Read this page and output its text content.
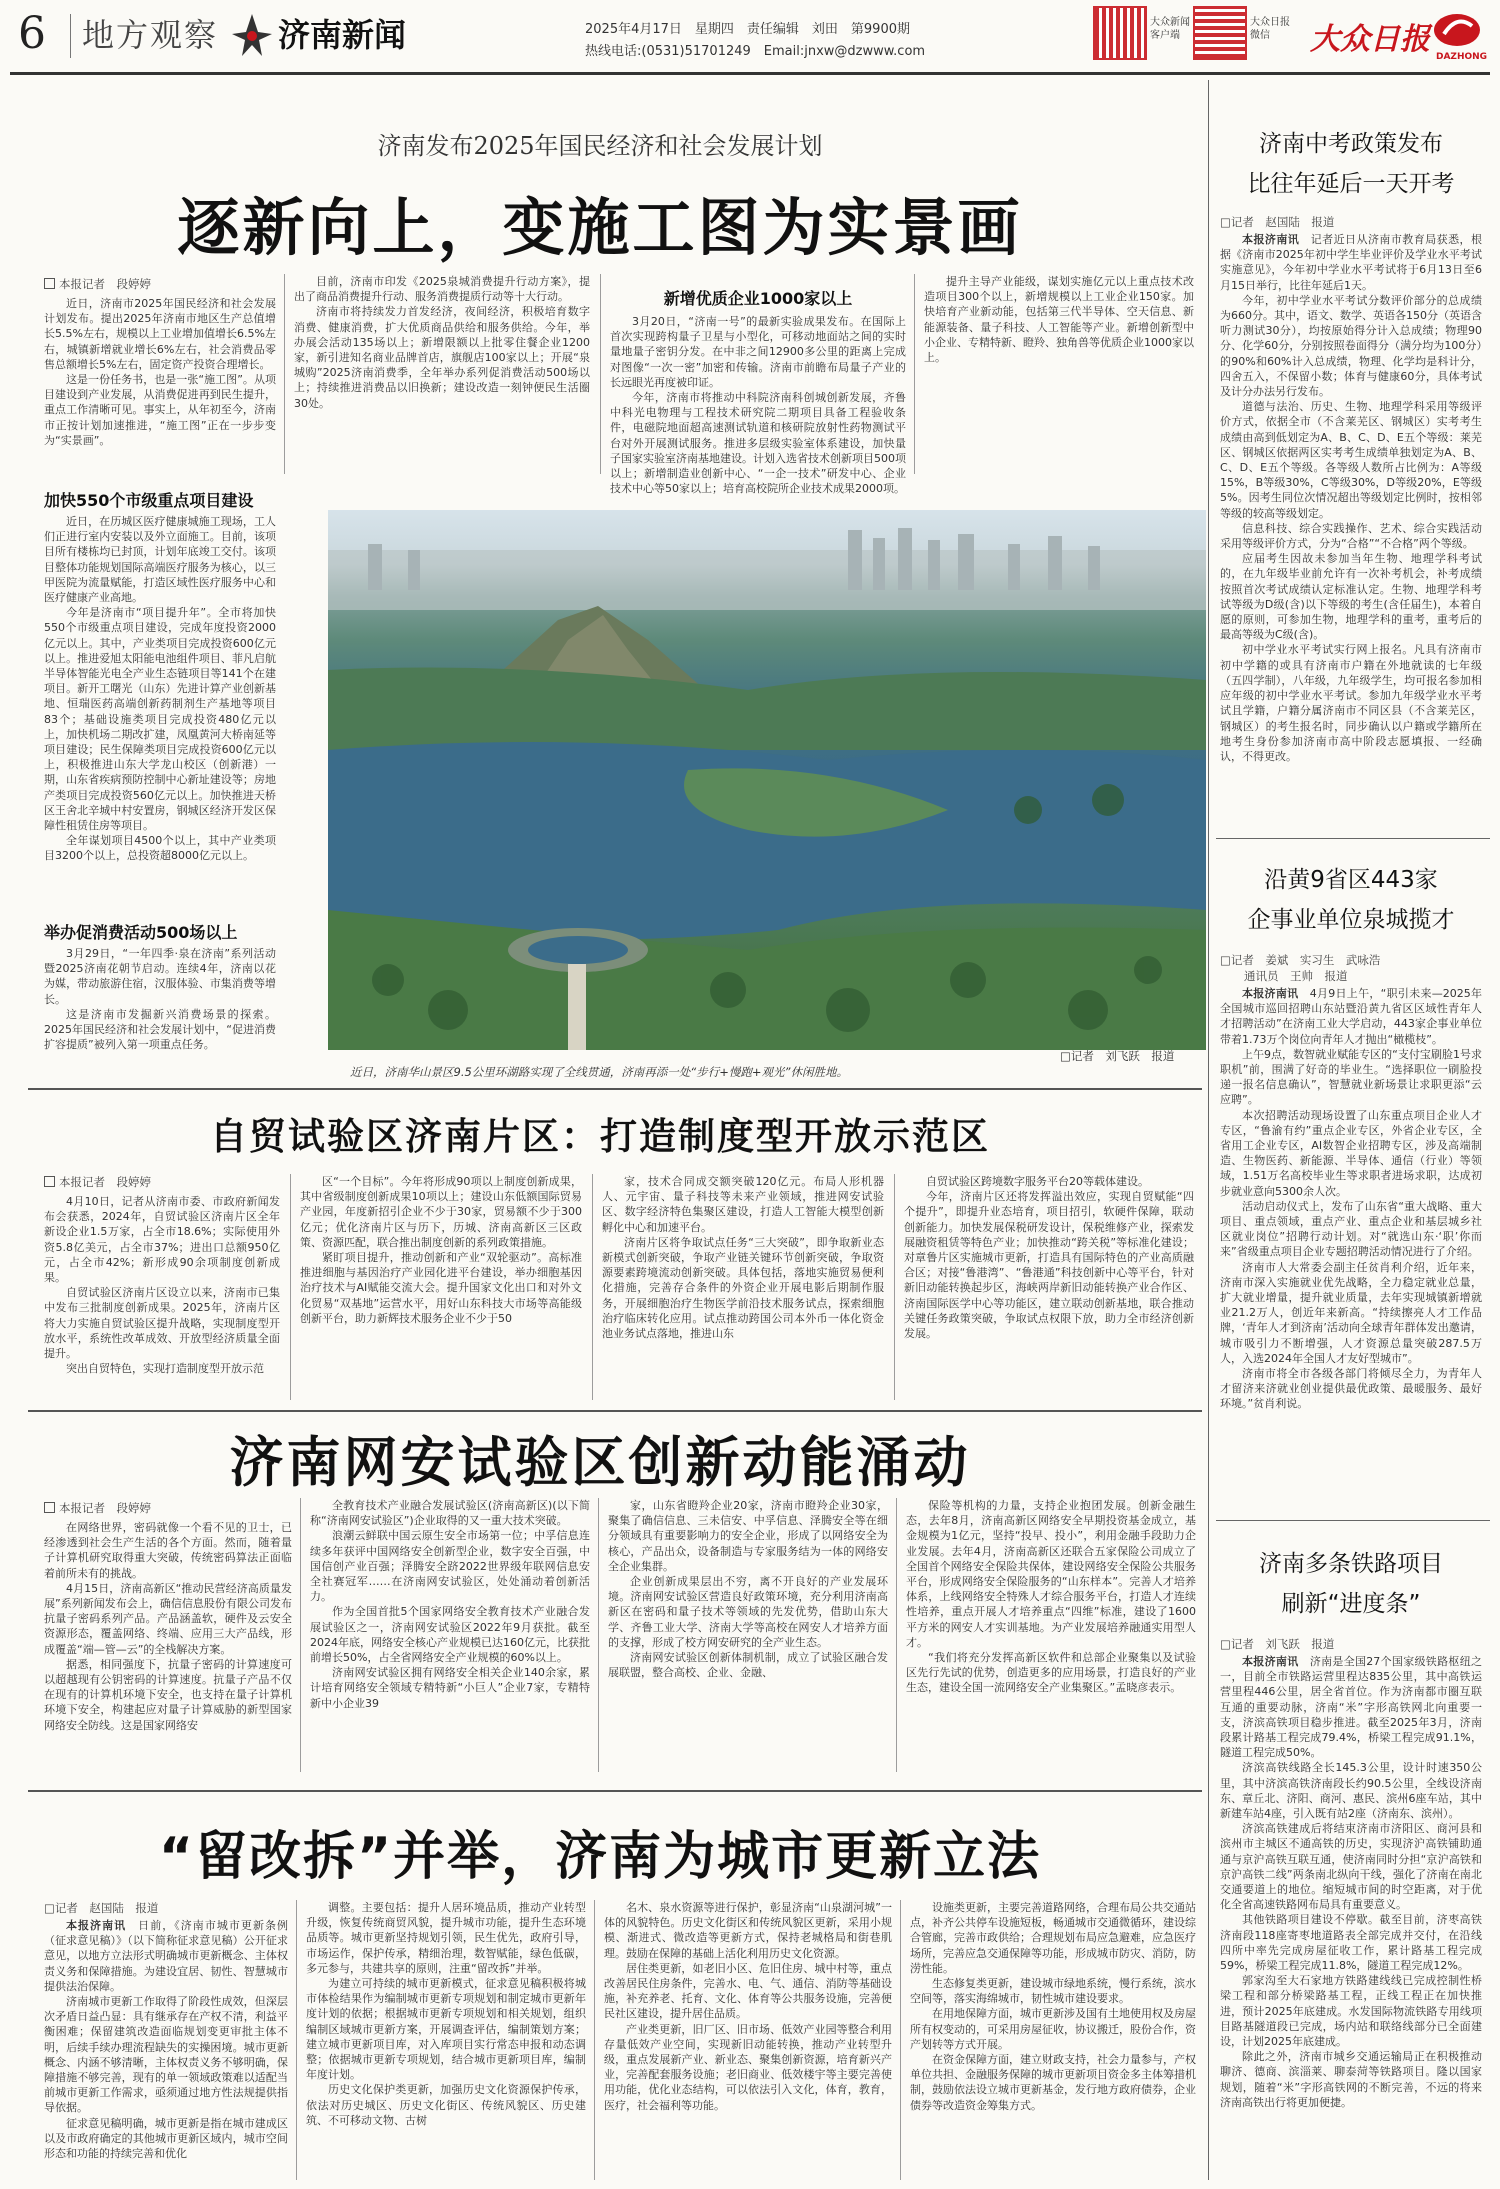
6 地方观察 济南新闻	2025年4月17日　星期四　责任编辑　刘田　第9900期
热线电话:(0531)51701249　Email:jnxw@dzwww.com
大众新闻客户端
大众日报微信	大众日报 DAZHONG
济南发布2025年国民经济和社会发展计划
逐新向上，变施工图为实景画
本报记者　段婷婷

近日，济南市2025年国民经济和社会发展计划发布。提出2025年济南市地区生产总值增长5.5%左右，规模以上工业增加值增长6.5%左右，城镇新增就业增长6%左右，社会消费品零售总额增长5%左右，固定资产投资合理增长。

这是一份任务书，也是一张“施工图”。从项目建设到产业发展，从消费促进再到民生提升，重点工作清晰可见。事实上，从年初至今，济南市正按计划加速推进，“施工图”正在一步步变为“实景画”。

加快550个市级重点项目建设

近日，在历城区医疗健康城施工现场，工人们正进行室内安装以及外立面施工。目前，该项目所有楼栋均已封顶，计划年底竣工交付。该项目整体功能规划国际高端医疗服务为核心，以三甲医院为流量赋能，打造区域性医疗服务中心和医疗健康产业高地。

今年是济南市“项目提升年”。全市将加快550个市级重点项目建设，完成年度投资2000亿元以上。其中，产业类项目完成投资600亿元以上。推进爱旭太阳能电池组件项目、菲凡启航半导体智能光电全产业生态链项目等141个在建项目。新开工曙光（山东）先进计算产业创新基地、恒瑞医药高端创新药制剂生产基地等项目83个；基础设施类项目完成投资480亿元以上，加快机场二期改扩建，凤凰黄河大桥南延等项目建设；民生保障类项目完成投资600亿元以上，积极推进山东大学龙山校区（创新港）一期，山东省疾病预防控制中心新址建设等；房地产类项目完成投资560亿元以上。加快推进天桥区王舍北辛城中村安置房，钢城区经济开发区保障性租赁住房等项目。

全年谋划项目4500个以上，其中产业类项目3200个以上，总投资超8000亿元以上。

举办促消费活动500场以上

3月29日，“一年四季·泉在济南”系列活动暨2025济南花朝节启动。连续4年，济南以花为媒，带动旅游住宿，汉服体验、市集消费等增长。

这是济南市发掘新兴消费场景的探索。2025年国民经济和社会发展计划中，“促进消费扩容提质”被列入第一项重点任务。

目前，济南市印发《2025泉城消费提升行动方案》，提出了商品消费提升行动、服务消费提质行动等十大行动。

济南市将持续发力首发经济，夜间经济，积极培育数字消费、健康消费，扩大优质商品供给和服务供给。今年，举办展会活动135场以上；新增限额以上批零住餐企业1200家，新引进知名商业品牌首店，旗舰店100家以上；开展“泉城购”2025济南消费季，全年举办系列促消费活动500场以上；持续推进消费品以旧换新；建设改造一刻钟便民生活圈30处。

新增优质企业1000家以上

3月20日，“济南一号”的最新实验成果发布。在国际上首次实现跨构量子卫星与小型化，可移动地面站之间的实时量地量子密钥分发。在中非之间12900多公里的距离上完成对图像“一次一密”加密和传输。济南市前瞻布局量子产业的长远眼光再度被印证。

今年，济南市将推动中科院济南科创城创新发展，齐鲁中科光电物理与工程技术研究院二期项目具备工程验收条件，电磁院地面超高速测试轨道和核研院放射性药物测试平台对外开展测试服务。推进多层级实验室体系建设，加快量子国家实验室济南基地建设。计划入选省技术创新项目500项以上；新增制造业创新中心、“一企一技术”研发中心、企业技术中心等50家以上；培育高校院所企业技术成果2000项。

提升主导产业能级，谋划实施亿元以上重点技术改造项目300个以上，新增规模以上工业企业150家。加快培育产业新动能，包括第三代半导体、空天信息、新能源装备、量子科技、人工智能等产业。新增创新型中小企业、专精特新、瞪羚、独角兽等优质企业1000家以上。

近日，济南华山景区9.5公里环湖路实现了全线贯通，济南再添一处“步行+慢跑+观光”休闲胜地。
□记者　刘飞跃　报道
自贸试验区济南片区：打造制度型开放示范区
本报记者　段婷婷

4月10日，记者从济南市委、市政府新闻发布会获悉，2024年，自贸试验区济南片区全年新设企业1.5万家，占全市18.6%；实际使用外资5.8亿美元，占全市37%；进出口总额950亿元，占全市42%；新形成90余项制度创新成果。

自贸试验区济南片区设立以来，济南市已集中发布三批制度创新成果。2025年，济南片区将大力实施自贸试验区提升战略，实现制度型开放水平，系统性改革成效、开放型经济质量全面提升。

突出自贸特色，实现打造制度型开放示范

区“一个目标”。今年将形成90项以上制度创新成果，其中省级制度创新成果10项以上；建设山东低额国际贸易产业园，年度新招引企业不少于30家，贸易额不少于300亿元；优化济南片区与历下，历城、济南高新区三区政策、资源匹配，联合推出制度创新的系列政策措施。

紧盯项目提升，推动创新和产业“双轮驱动”。高标准推进细胞与基因治疗产业园化进平台建设，举办细胞基因治疗技术与AI赋能交流大会。提升国家文化出口和对外文化贸易“双基地”运营水平，用好山东科技大市场等高能级创新平台，助力新辉技术服务企业不少于50

家，技术合同成交额突破120亿元。布局人形机器人、元宇宙、量子科技等未来产业领域，推进网安试验区、数字经济特色集聚区建设，打造人工智能大模型创新孵化中心和加速平台。

济南片区将争取试点任务“三大突破”，即争取新业态新模式创新突破，争取产业链关键环节创新突破，争取资源要素跨境流动创新突破。具体包括，落地实施贸易便利化措施，完善存合条件的外资企业开展电影后期制作服务，开展细胞治疗生物医学前沿技术服务试点，探索细胞治疗临床转化应用。试点推动跨国公司本外币一体化资金池业务试点落地，推进山东

自贸试验区跨境数字服务平台20等载体建设。

今年，济南片区还将发挥溢出效应，实现自贸赋能“四个提升”，即提升业态培育，项目招引，软硬件保障，联动创新能力。加快发展保税研发设计，保税维修产业，探索发展融资租赁等特色产业；加快推动“跨关税”等标准化建设；对章鲁片区实施城市更新，打造具有国际特色的产业高质融合区；对接“鲁港湾”、“鲁港通”科技创新中心等平台，针对新旧动能转换起步区，海峡两岸新旧动能转换产业合作区、济南国际医学中心等功能区，建立联动创新基地，联合推动关键任务政策突破，争取试点权限下放，助力全市经济创新发展。

济南网安试验区创新动能涌动
本报记者　段婷婷

在网络世界，密码就像一个看不见的卫士，已经渗透到社会生产生活的各个方面。然而，随着量子计算机研究取得重大突破，传统密码算法正面临着前所未有的挑战。

4月15日，济南高新区“推动民营经济高质量发展”系列新闻发布会上，确信信息股份有限公司发布抗量子密码系列产品。产品涵盖软，硬件及云安全资源形态，覆盖网络、终端、应用三大产品线，形成覆盖“端—管—云”的全栈解决方案。

据悉，相同强度下，抗量子密码的计算速度可以超越现有公钥密码的计算速度。抗量子产品不仅在现有的计算机环境下安全，也支持在量子计算机环境下安全，构建起应对量子计算威胁的新型国家网络安全防线。这是国家网络安

全教育技术产业融合发展试验区(济南高新区)(以下简称“济南网安试验区”)企业取得的又一重大技术突破。

浪潮云鲜联中国云原生安全市场第一位；中孚信息连续多年获评中国网络安全创新型企业，数字安全百强，中国信创产业百强；泽腾安全跻2022世界级年联网信息安全社赛冠军……在济南网安试验区，处处涌动着创新活力。

作为全国首批5个国家网络安全教育技术产业融合发展试验区之一，济南网安试验区2022年9月获批。截至2024年底，网络安全核心产业规模已达160亿元，比获批前增长50%，占全省网络安全产业规模的60%以上。

济南网安试验区拥有网络安全相关企业140余家，累计培育网络安全领域专精特新“小巨人”企业7家，专精特新中小企业39

家，山东省瞪羚企业20家，济南市瞪羚企业30家，聚集了确信信息、三未信安、中孚信息、泽腾安全等在细分领域具有重要影响力的安全企业，形成了以网络安全为核心，产品出众，设备制造与专家服务结为一体的网络安全企业集群。

企业创新成果层出不穷，离不开良好的产业发展环境。济南网安试验区营造良好政策环境，充分利用济南高新区在密码和量子技术等领域的先发优势，借助山东大学、齐鲁工业大学、济南大学等高校在网安人才培养方面的支撑，形成了校方网安研究的全产业生态。

济南网安试验区创新体制机制，成立了试验区融合发展联盟，整合高校、企业、金融、

保险等机构的力量，支持企业抱团发展。创新金融生态，去年8月，济南高新区网络安全早期投资基金成立，基金规模为1亿元，坚持“投早、投小”，利用金融手段助力企业发展。去年4月，济南高新区还联合五家保险公司成立了全国首个网络安全保险共保体，建设网络安全保险公共服务平台，形成网络安全保险服务的“山东样本”。完善人才培养体系，上线网络安全特殊人才综合服务平台，打造人才连续性培养，重点开展人才培养重点“四维”标准，建设了1600平方米的网安人才实训基地。为产业发展培养融通实用型人才。

“我们将充分发挥高新区软件和总部企业聚集以及试验区先行先试的优势，创造更多的应用场景，打造良好的产业生态，建设全国一流网络安全产业集聚区。”孟晓彦表示。

“留改拆”并举，济南为城市更新立法
□记者　赵国陆　报道

本报济南讯　 日前，《济南市城市更新条例（征求意见稿）》（以下简称征求意见稿）公开征求意见，以地方立法形式明确城市更新概念、主体权责义务和保障措施。为建设宜居、韧性、智慧城市提供法治保障。

济南城市更新工作取得了阶段性成效，但深层次矛盾日益凸显：具有继承存在产权不清，利益平衡困难；保留建筑改造面临规划变更审批主体不明，后续手续办理流程缺失的实操困境。城市更新概念、内涵不够清晰，主体权责义务不够明确，保障措施不够完善，现有的单一领域政策难以适配当前城市更新工作需求，亟须通过地方性法规提供指导依据。

征求意见稿明确，城市更新是指在城市建成区以及市政府确定的其他城市更新区域内，城市空间形态和功能的持续完善和优化

调整。主要包括：提升人居环境品质，推动产业转型升级，恢复传统商贸风貌，提升城市功能，提升生态环境品质等。城市更新坚持规划引领，民生优先，政府引导，市场运作，保护传承，精细治理，数智赋能，绿色低碳，多元参与，共建共享的原则，注重“留改拆”并举。

为建立可持续的城市更新模式，征求意见稿积极将城市体检结果作为编制城市更新专项规划和制定城市更新年度计划的依据；根据城市更新专项规划和相关规划，组织编制区域城市更新方案，开展调查评估，编制策划方案；建立城市更新项目库，对入库项目实行常态申报和动态调整；依据城市更新专项规划，结合城市更新项目库，编制年度计划。

历史文化保护类更新，加强历史文化资源保护传承，依法对历史城区、历史文化街区、传统风貌区、历史建筑、不可移动文物、古树

名木、泉水资源等进行保护，彰显济南“山泉湖河城”一体的风貌特色。历史文化街区和传统风貌区更新，采用小规模、渐进式、微改造等更新方式，保持老城格局和街巷肌理。鼓励在保障的基础上活化利用历史文化资源。

居住类更新，如老旧小区、危旧住房、城中村等，重点改善居民住房条件，完善水、电、气、通信、消防等基础设施，补充养老、托育、文化、体育等公共服务设施，完善便民社区建设，提升居住品质。

产业类更新，旧厂区、旧市场、低效产业园等整合利用存量低效产业空间，实现新旧动能转换，推动产业转型升级，重点发展新产业、新业态、聚集创新资源，培育新兴产业，完善配套服务设施；老旧商业、低效楼宇等主要完善使用功能，优化业态结构，可以依法引入文化，体育，教育，医疗，社会福利等功能。

设施类更新，主要完善道路网络，合理布局公共交通站点，补齐公共停车设施短板，畅通城市交通微循环，建设综合管廊，完善市政供给；合理规划布局应急避难，应急医疗场所，完善应急交通保障等功能，形成城市防灾、消防，防涝性能。

生态修复类更新，建设城市绿地系统，慢行系统，滨水空间等，落实海绵城市，韧性城市建设要求。

在用地保障方面，城市更新涉及国有土地使用权及房屋所有权变动的，可采用房屋征收，协议搬迁，股份合作，资产划转等方式开展。

在资金保障方面，建立财政支持，社会力量参与，产权单位共担、金融服务保障的城市更新项目资金多主体筹措机制，鼓励依法设立城市更新基金，发行地方政府债券，企业债券等改造资金筹集方式。

济南中考政策发布
比往年延后一天开考
□记者　赵国陆　报道

本报济南讯　 记者近日从济南市教育局获悉，根据《济南市2025年初中学生毕业评价及学业水平考试实施意见》，今年初中学业水平考试将于6月13日至6月15日举行，比往年延后1天。

今年，初中学业水平考试分数评价部分的总成绩为660分。其中，语文、数学、英语各150分（英语含听力测试30分），均按原始得分计入总成绩；物理90分、化学60分，分别按照卷面得分（满分均为100分）的90%和60%计入总成绩，物理、化学均是科计分，四舍五入，不保留小数；体育与健康60分，具体考试及计分办法另行发布。

道德与法治、历史、生物、地理学科采用等级评价方式，依据全市（不含莱芜区、钢城区）实考考生成绩由高到低划定为A、B、C、D、E五个等级：莱芜区、钢城区依据两区实考考生成绩单独划定为A、B、C、D、E五个等级。各等级人数所占比例为：A等级15%，B等级30%，C等级30%，D等级20%，E等级5%。因考生同位次情况超出等级划定比例时，按相邻等级的较高等级划定。

信息科技、综合实践操作、艺术、综合实践活动采用等级评价方式，分为“合格”“不合格”两个等级。

应届考生因故未参加当年生物、地理学科考试的，在九年级毕业前允许有一次补考机会，补考成绩按照首次考试成绩认定标准认定。生物、地理学科考试等级为D级(含)以下等级的考生(含任届生)，本着自愿的原则，可参加生物，地理学科的重考，重考后的最高等级为C级(含)。

初中学业水平考试实行网上报名。凡具有济南市初中学籍的或具有济南市户籍在外地就读的七年级（五四学制），八年级，九年级学生，均可报名参加相应年级的初中学业水平考试。参加九年级学业水平考试且学籍，户籍分属济南市不同区县（不含莱芜区，钢城区）的考生报名时，同步确认以户籍或学籍所在地考生身份参加济南市高中阶段志愿填报、一经确认，不得更改。

沿黄9省区443家
企事业单位泉城揽才
□记者　姜斌　实习生　武咏浩
通讯员　王帅　报道

本报济南讯　 4月9日上午，“职引未来—2025年全国城市巡回招聘山东站暨沿黄九省区区域性青年人才招聘活动”在济南工业大学启动，443家企事业单位带着1.73万个岗位向青年人才抛出“橄榄枝”。

上午9点，数智就业赋能专区的“支付宝刷脸1号求职机”前，围满了好奇的毕业生。“选择职位一刷脸投递一报名信息确认”，智慧就业新场景让求职更添“云应聘”。

本次招聘活动现场设置了山东重点项目企业人才专区，“鲁渝有约”重点企业专区，外省企业专区，全省用工企业专区，AI数智企业招聘专区，涉及高端制造、生物医药、新能源、半导体、通信（行业）等领域，1.51万名高校毕业生等求职者进场求职，达成初步就业意向5300余人次。

活动启动仪式上，发布了山东省“重大战略、重大项目、重点领域，重点产业、重点企业和基层城乡社区就业岗位”招聘行动计划。对“就选山东·‘职’你而来”省级重点项目企业专题招聘活动情况进行了介绍。

济南市人大常委会副主任贫肖利介绍，近年来，济南市深入实施就业优先战略，全力稳定就业总量，扩大就业增量，提升就业质量，去年实现城镇新增就业21.2万人，创近年来新高。“持续擦亮人才工作品牌，‘青年人才到济南’活动向全球青年群体发出邀请，城市吸引力不断增强，人才资源总量突破287.5万人，入选2024年全国人才友好型城市”。

济南市将全市各级各部门将倾尽全力，为青年人才留济来济就业创业提供最优政策、最暖服务、最好环境。”贫肖利说。

济南多条铁路项目
刷新“进度条”
□记者　刘飞跃　报道

本报济南讯　 济南是全国27个国家级铁路枢纽之一，目前全市铁路运营里程达835公里，其中高铁运营里程446公里，居全省首位。作为济南都市圈互联互通的重要动脉，济南“米”字形高铁网北向重要一支，济滨高铁项目稳步推进。截至2025年3月，济南段累计路基工程完成79.4%，桥梁工程完成91.1%，隧道工程完成50%。

济滨高铁线路全长145.3公里，设计时速350公里，其中济滨高铁济南段长约90.5公里，全线设济南东、章丘北、济阳、商河、惠民、滨州6座车站，其中新建车站4座，引入既有站2座（济南东、滨州）。

济滨高铁建成后将结束济南市济阳区、商河县和滨州市主城区不通高铁的历史，实现济沪高铁铺助通通与京沪高铁互联互通，使济南同时分担“京沪高铁和京沪高铁二线”两条南北纵向干线，强化了济南在南北交通要道上的地位。缩短城市间的时空距离，对于优化全省高速铁路网布局具有重要意义。

其他铁路项目建设不停歇。截至目前，济枣高铁济南段118座寄枣地道路表全部完成并交付，在沿线四所中率先完成房屋征收工作，累计路基工程完成59%，桥梁工程完成11.8%，隧道工程完成12%。

郭家沟至大石家地方铁路建线线已完成控制性桥梁工程和部分桥梁路基工程，正线工程正在加快推进，预计2025年底建成。水发国际物流铁路专用线项目路基隧道段已完成，场内站和联络线部分已全面建设，计划2025年底建成。

除此之外，济南市城乡交通运输局正在积极推动聊济、德商、滨淄莱、聊泰菏等铁路项目。隆以国家规划，随着“米”字形高铁网的不断完善，不远的将来济南高铁出行将更加便捷。
